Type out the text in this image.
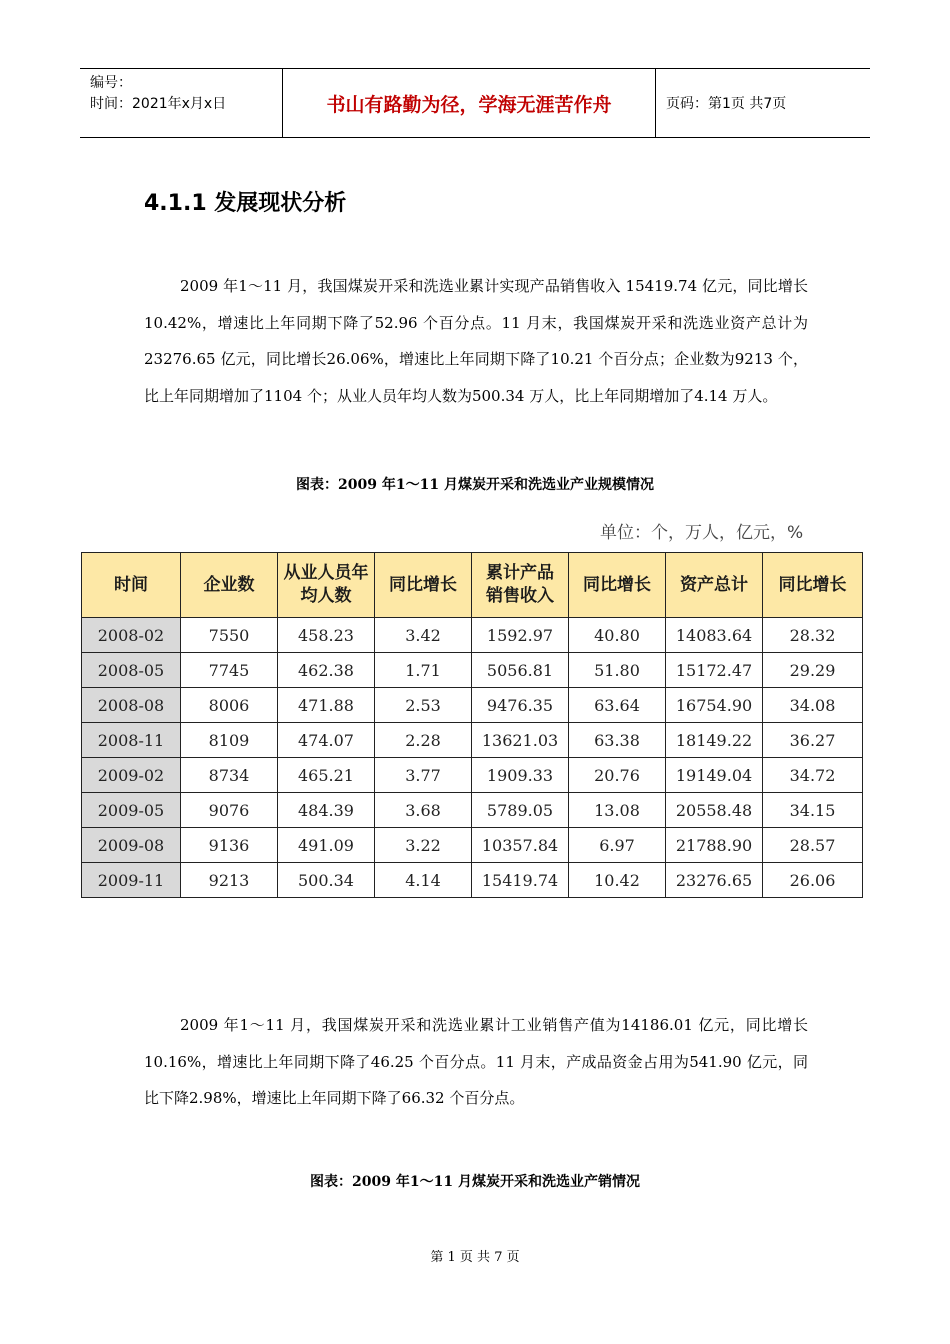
编号：
时间：2021年x月x日	书山有路勤为径，学海无涯苦作舟	页码：第1页 共7页
4.1.1 发展现状分析

2009 年1～11 月，我国煤炭开采和洗选业累计实现产品销售收入 15419.74 亿元，同比增长10.42%，增速比上年同期下降了52.96 个百分点。11 月末，我国煤炭开采和洗选业资产总计为23276.65 亿元，同比增长26.06%，增速比上年同期下降了10.21 个百分点；企业数为9213 个，比上年同期增加了1104 个；从业人员年均人数为500.34 万人，比上年同期增加了4.14 万人。

图表：2009 年1～11 月煤炭开采和洗选业产业规模情况
单位：个，万人，亿元，%
时间	企业数	从业人员年均人数	同比增长	累计产品销售收入	同比增长	资产总计	同比增长
2008-02	7550	458.23	3.42	1592.97	40.80	14083.64	28.32
2008-05	7745	462.38	1.71	5056.81	51.80	15172.47	29.29
2008-08	8006	471.88	2.53	9476.35	63.64	16754.90	34.08
2008-11	8109	474.07	2.28	13621.03	63.38	18149.22	36.27
2009-02	8734	465.21	3.77	1909.33	20.76	19149.04	34.72
2009-05	9076	484.39	3.68	5789.05	13.08	20558.48	34.15
2009-08	9136	491.09	3.22	10357.84	6.97	21788.90	28.57
2009-11	9213	500.34	4.14	15419.74	10.42	23276.65	26.06

2009 年1～11 月，我国煤炭开采和洗选业累计工业销售产值为14186.01 亿元，同比增长10.16%，增速比上年同期下降了46.25 个百分点。11 月末，产成品资金占用为541.90 亿元，同比下降2.98%，增速比上年同期下降了66.32 个百分点。

图表：2009 年1～11 月煤炭开采和洗选业产销情况
第 1 页 共 7 页
